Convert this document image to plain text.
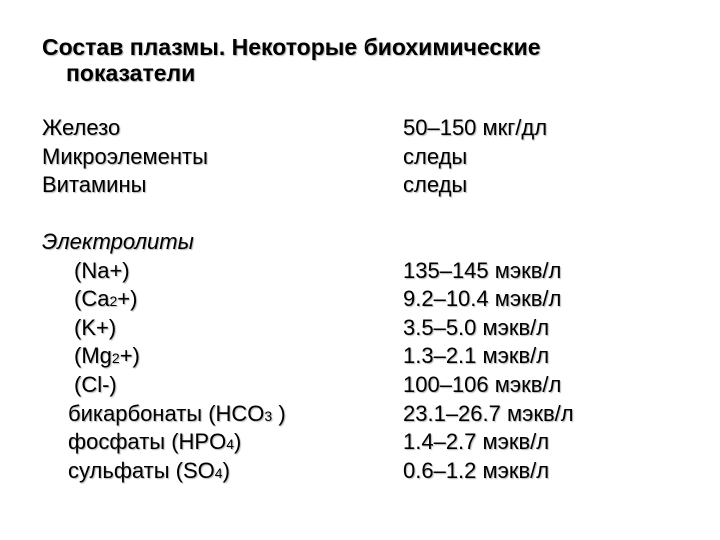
Состав плазмы. Некоторые биохимические
показатели
Железо
Микроэлементы
Витамины
50–150 мкг/дл
следы
следы
Электролиты
(Na+)
(Ca2+)
(K+)
(Mg2+)
(Cl-)
бикарбонаты (HCO3 )
фосфаты (HPO4)
сульфаты (SO4)
135–145 мэкв/л
9.2–10.4 мэкв/л
3.5–5.0 мэкв/л
1.3–2.1 мэкв/л
100–106 мэкв/л
23.1–26.7 мэкв/л
1.4–2.7 мэкв/л
0.6–1.2 мэкв/л
